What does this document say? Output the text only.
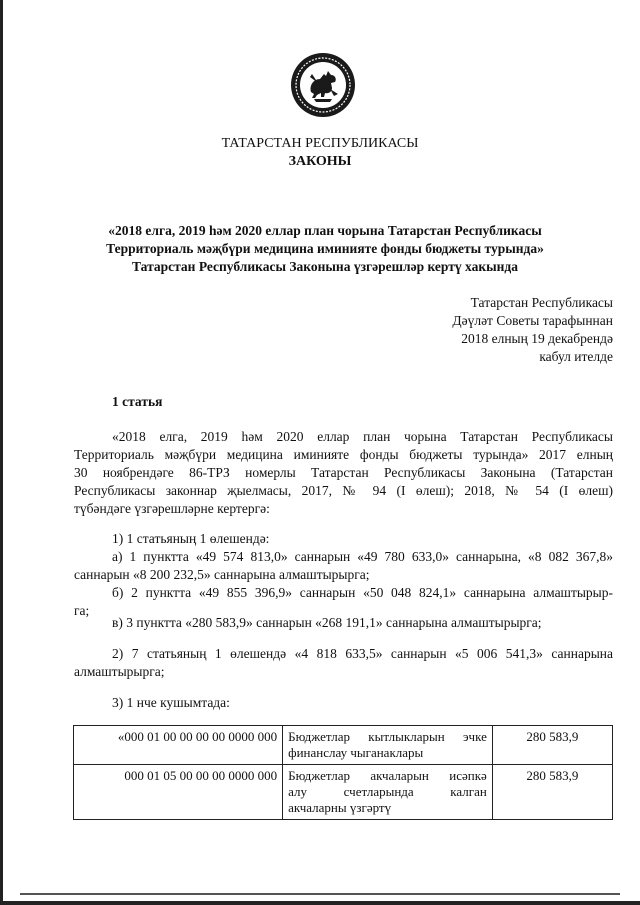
ТАТАРСТАН РЕСПУБЛИКАСЫ
ЗАКОНЫ
«2018 елга, 2019 һәм 2020 еллар план чорына Татарстан Республикасы
Территориаль мәҗбүри медицина иминияте фонды бюджеты турында»
Татарстан Республикасы Законына үзгәрешләр кертү хакында
Татарстан Республикасы
Дәүләт Советы тарафыннан
2018 елның 19 декабрендә
кабул ителде
1 статья
«2018 елга, 2019 һәм 2020 еллар план чорына Татарстан Республикасы
Территориаль мәҗбүри медицина иминияте фонды бюджеты турында» 2017 елның
30 ноябрендәге 86-ТРЗ номерлы Татарстан Республикасы Законына (Татарстан
Республикасы законнар җыелмасы, 2017, № 94 (I өлеш); 2018, № 54 (I өлеш)
түбәндәге үзгәрешләрне кертергә:
1) 1 статьяның 1 өлешендә:
а) 1 пунктта «49 574 813,0» саннарын «49 780 633,0» саннарына, «8 082 367,8»
саннарын «8 200 232,5» саннарына алмаштырырга;
б) 2 пунктта «49 855 396,9» саннарын «50 048 824,1» саннарына алмаштырыр-
га;
в) 3 пунктта «280 583,9» саннарын «268 191,1» саннарына алмаштырырга;
2) 7 статьяның 1 өлешендә «4 818 633,5» саннарын «5 006 541,3» саннарына
алмаштырырга;
3) 1 нче кушымтада:
«000 01 00 00 00 00 0000 000	Бюджетлар кытлыкларын эчке
финанслау чыганаклары	280 583,9
000 01 05 00 00 00 0000 000	Бюджетлар акчаларын исәпкә
алу счетларында калган
акчаларны үзгәртү	280 583,9
